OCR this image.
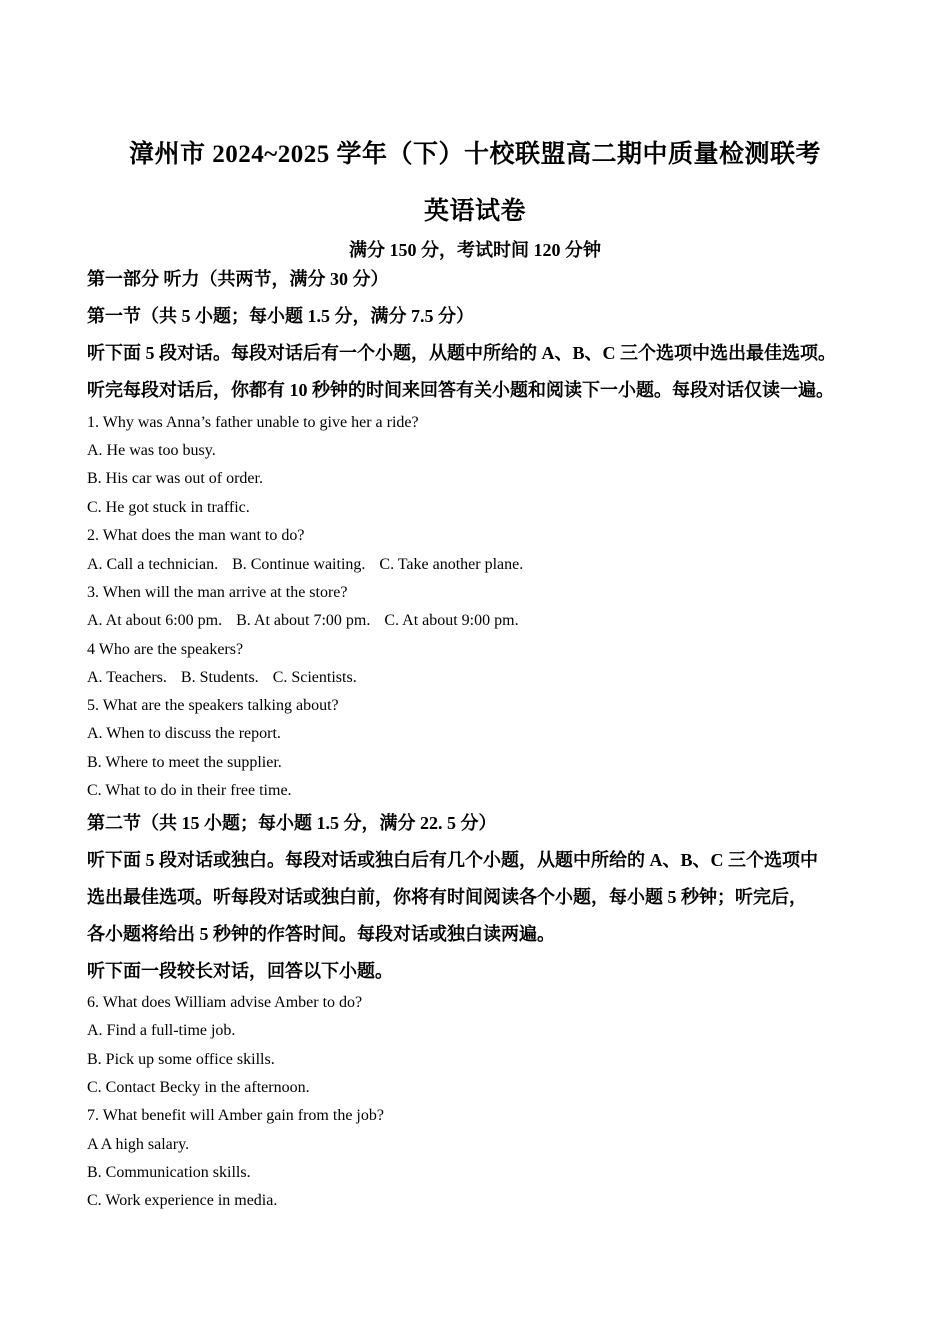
漳州市 2024~2025 学年（下）十校联盟高二期中质量检测联考
英语试卷
满分 150 分，考试时间 120 分钟
第一部分 听力（共两节，满分 30 分）
第一节（共 5 小题；每小题 1.5 分，满分 7.5 分）
听下面 5 段对话。每段对话后有一个小题，从题中所给的 A、B、C 三个选项中选出最佳选项。
听完每段对话后，你都有 10 秒钟的时间来回答有关小题和阅读下一小题。每段对话仅读一遍。
1. Why was Anna’s father unable to give her a ride?
A. He was too busy.
B. His car was out of order.
C. He got stuck in traffic.
2. What does the man want to do?
A. Call a technician. B. Continue waiting. C. Take another plane.
3. When will the man arrive at the store?
A. At about 6:00 pm. B. At about 7:00 pm. C. At about 9:00 pm.
4 Who are the speakers?
A. Teachers. B. Students. C. Scientists.
5. What are the speakers talking about?
A. When to discuss the report.
B. Where to meet the supplier.
C. What to do in their free time.
第二节（共 15 小题；每小题 1.5 分，满分 22. 5 分）
听下面 5 段对话或独白。每段对话或独白后有几个小题，从题中所给的 A、B、C 三个选项中
选出最佳选项。听每段对话或独白前，你将有时间阅读各个小题，每小题 5 秒钟；听完后，
各小题将给出 5 秒钟的作答时间。每段对话或独白读两遍。
听下面一段较长对话，回答以下小题。
6. What does William advise Amber to do?
A. Find a full-time job.
B. Pick up some office skills.
C. Contact Becky in the afternoon.
7. What benefit will Amber gain from the job?
A A high salary.
B. Communication skills.
C. Work experience in media.
